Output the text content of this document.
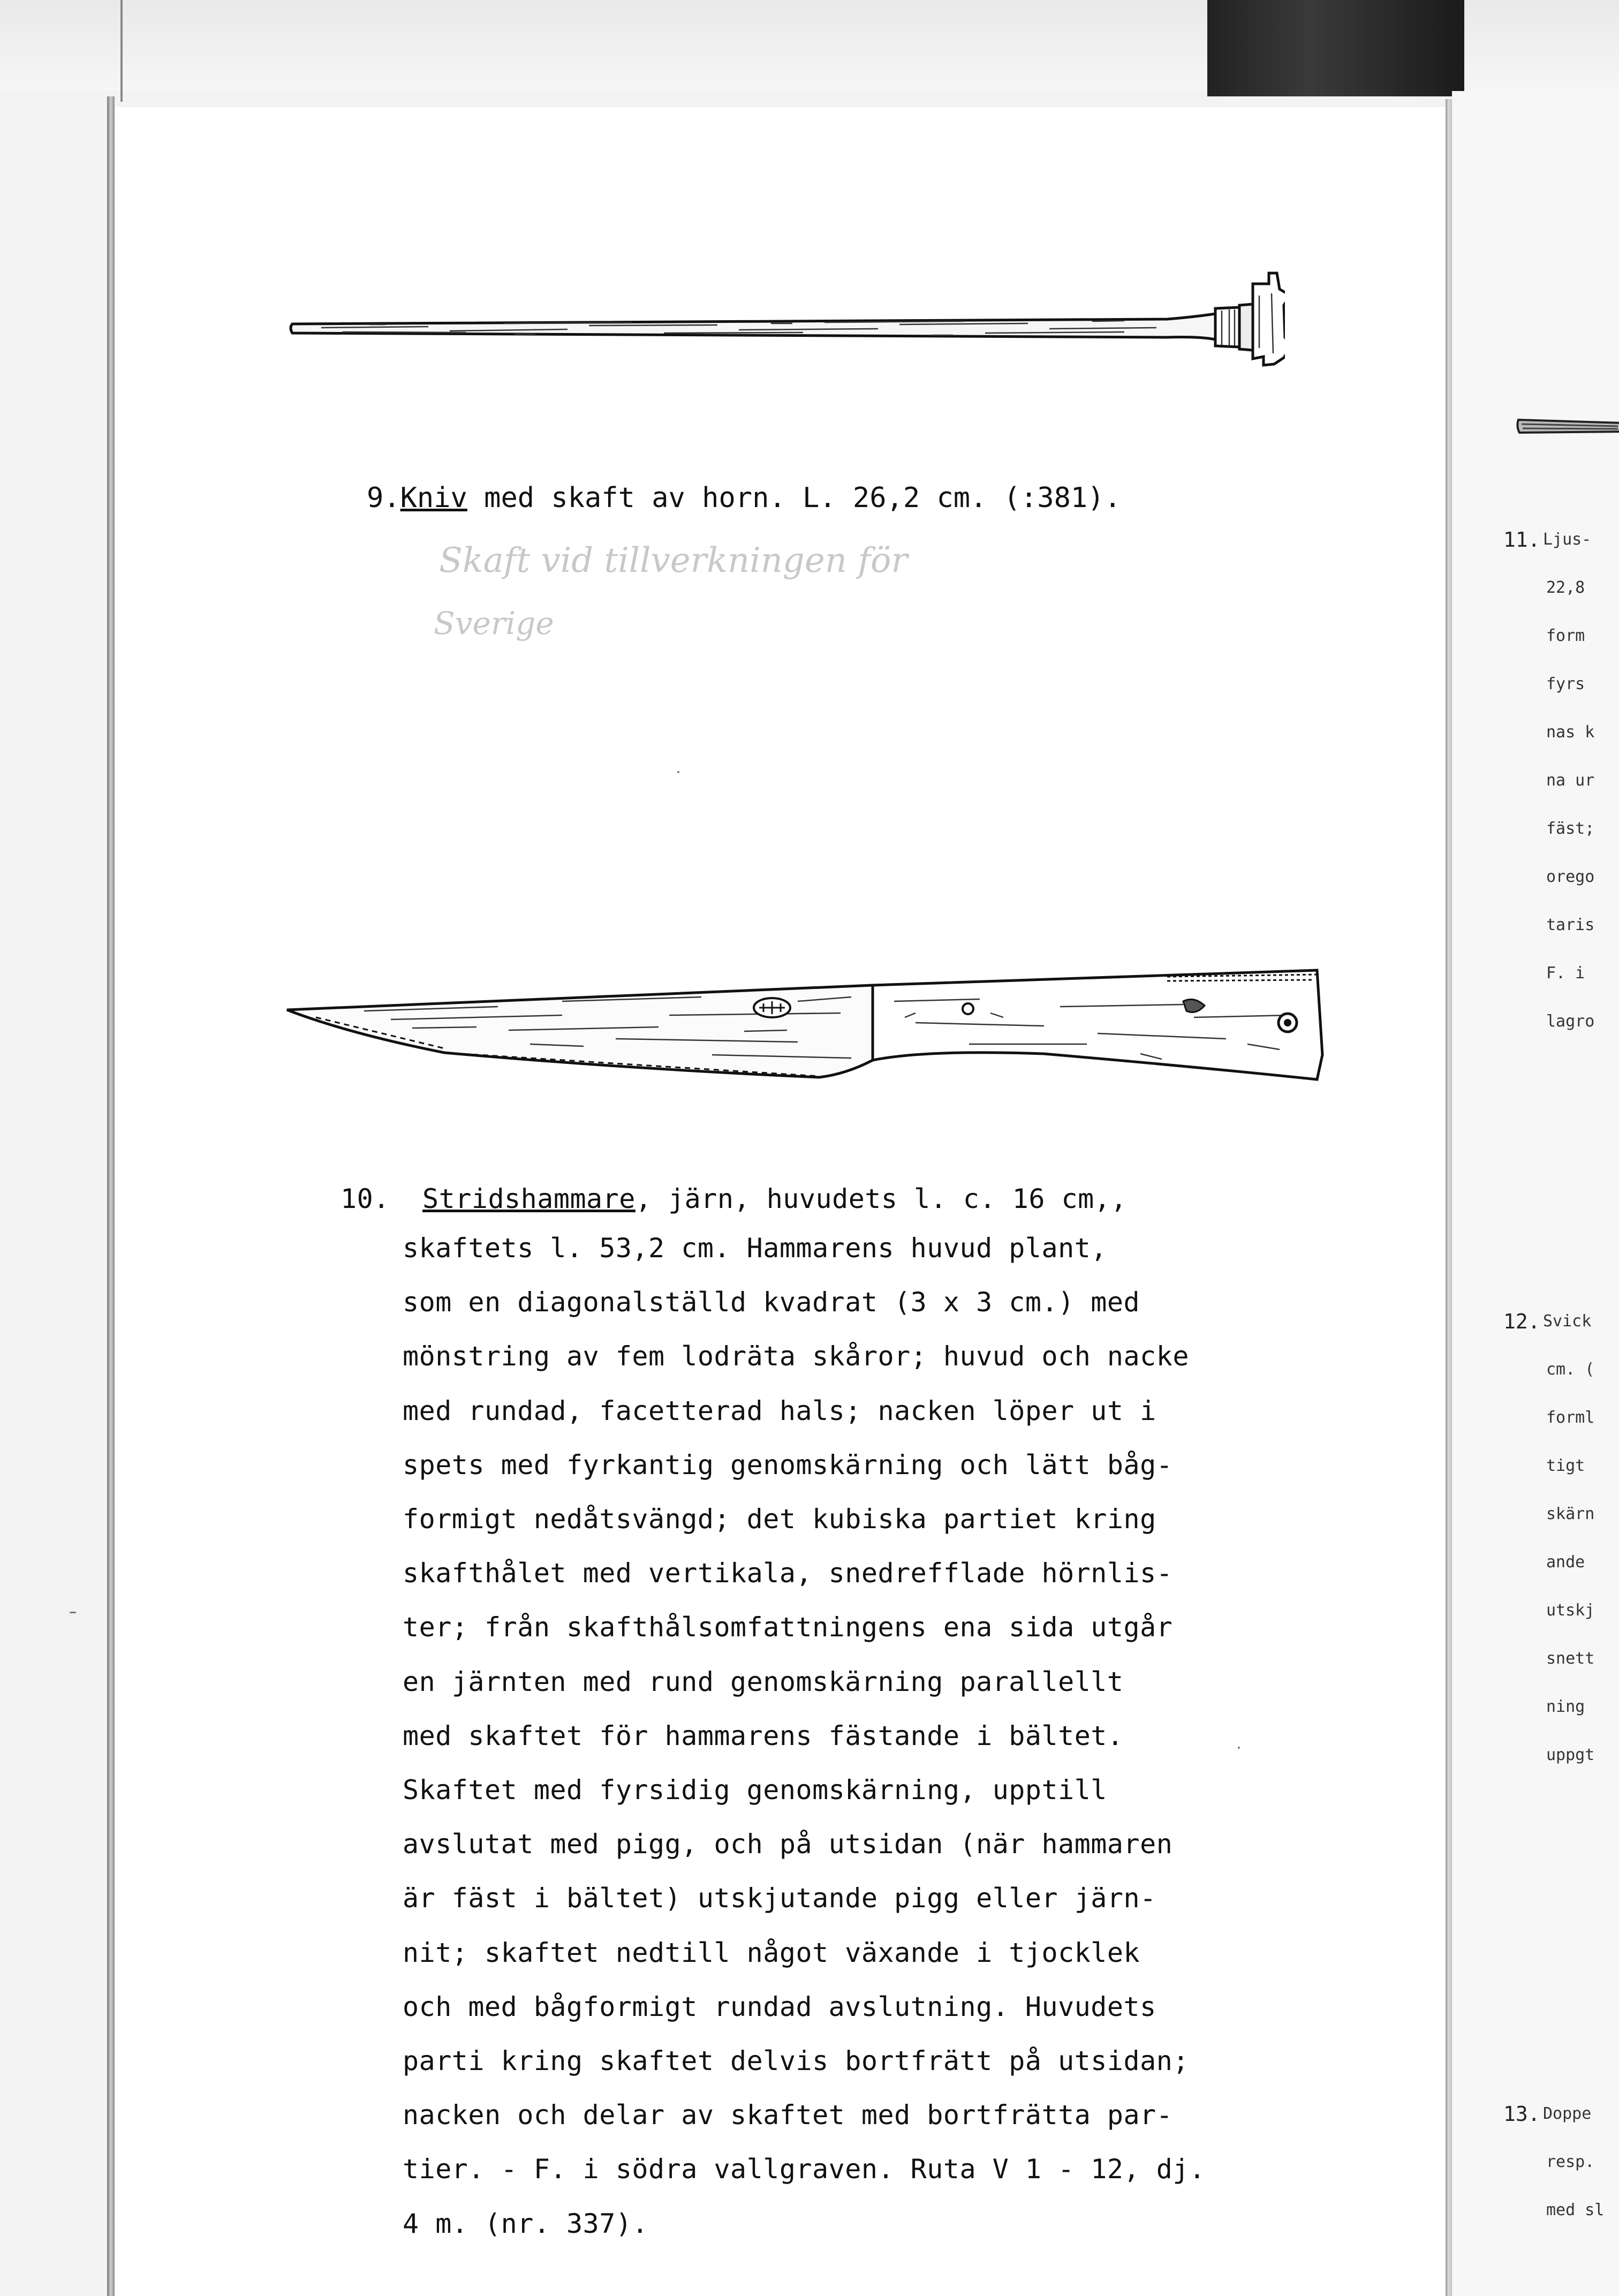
11. Ljus-
22,8
form
fyrs
nas k
na ur
fäst;
orego
taris
F. i
lagro
12. Svick
cm. (
forml
tigt
skärn
ande
utskj
snett
ning
uppgt
13. Doppe
resp.
med sl
9.Kniv med skaft av horn. L. 26,2 cm. (:381).
Skaft vid tillverkningen för
Sverige
10. Stridshammare, järn, huvudets l. c. 16 cm,,
skaftets l. 53,2 cm. Hammarens huvud plant,
som en diagonalställd kvadrat (3 x 3 cm.) med
mönstring av fem lodräta skåror; huvud och nacke
med rundad, facetterad hals; nacken löper ut i
spets med fyrkantig genomskärning och lätt båg-
formigt nedåtsvängd; det kubiska partiet kring
skafthålet med vertikala, snedrefflade hörnlis-
ter; från skafthålsomfattningens ena sida utgår
en järnten med rund genomskärning parallellt
med skaftet för hammarens fästande i bältet.
Skaftet med fyrsidig genomskärning, upptill
avslutat med pigg, och på utsidan (när hammaren
är fäst i bältet) utskjutande pigg eller järn-
nit; skaftet nedtill något växande i tjocklek
och med bågformigt rundad avslutning. Huvudets
parti kring skaftet delvis bortfrätt på utsidan;
nacken och delar av skaftet med bortfrätta par-
tier. - F. i södra vallgraven. Ruta V 1 - 12, dj.
4 m. (nr. 337).
